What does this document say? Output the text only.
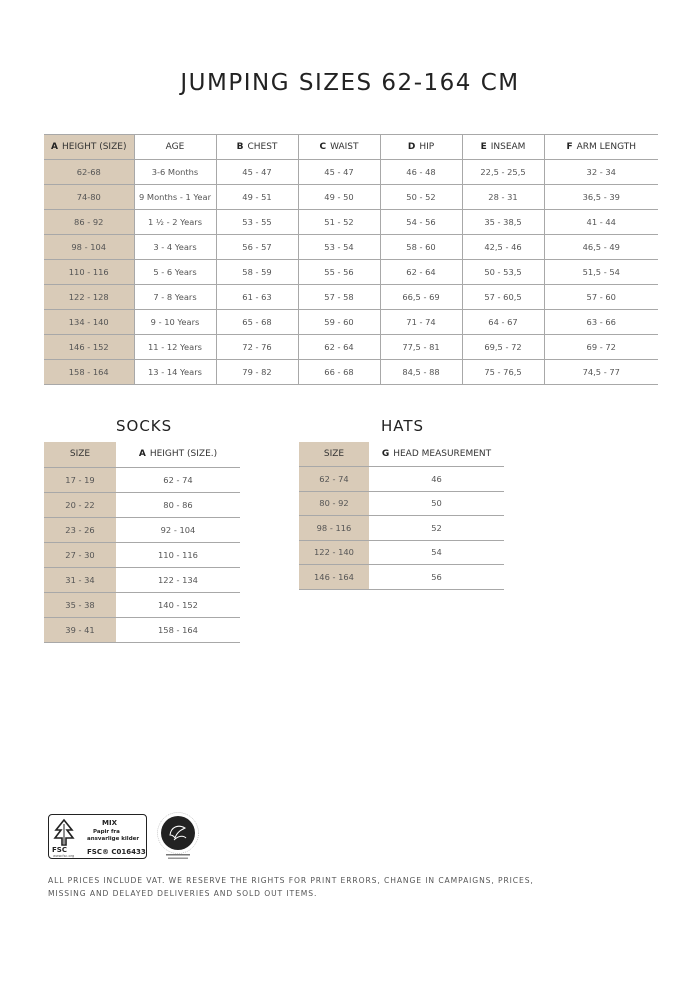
JUMPING SIZES 62-164 CM
A HEIGHT (SIZE)	AGE	B CHEST	C WAIST	D HIP	E INSEAM	F ARM LENGTH
62-68	3-6 Months	45 - 47	45 - 47	46 - 48	22,5 - 25,5	32 - 34
74-80	9 Months - 1 Year	49 - 51	49 - 50	50 - 52	28 - 31	36,5 - 39
86 - 92	1 ½ - 2 Years	53 - 55	51 - 52	54 - 56	35 - 38,5	41 - 44
98 - 104	3 - 4 Years	56 - 57	53 - 54	58 - 60	42,5 - 46	46,5 - 49
110 - 116	5 - 6 Years	58 - 59	55 - 56	62 - 64	50 - 53,5	51,5 - 54
122 - 128	7 - 8 Years	61 - 63	57 - 58	66,5 - 69	57 - 60,5	57 - 60
134 - 140	9 - 10 Years	65 - 68	59 - 60	71 - 74	64 - 67	63 - 66
146 - 152	11 - 12 Years	72 - 76	62 - 64	77,5 - 81	69,5 - 72	69 - 72
158 - 164	13 - 14 Years	79 - 82	66 - 68	84,5 - 88	75 - 76,5	74,5 - 77
SOCKS
SIZE	A HEIGHT (SIZE.)
17 - 19	62 - 74
20 - 22	80 - 86
23 - 26	92 - 104
27 - 30	110 - 116
31 - 34	122 - 134
35 - 38	140 - 152
39 - 41	158 - 164
HATS
SIZE	G HEAD MEASUREMENT
62 - 74	46
80 - 92	50
98 - 116	52
122 - 140	54
146 - 164	56
FSC
MIX
Papir fra
ansvarlige kilder
FSC® C016433
www.fsc.org
ALL PRICES INCLUDE VAT. WE RESERVE THE RIGHTS FOR PRINT ERRORS, CHANGE IN CAMPAIGNS, PRICES,
MISSING AND DELAYED DELIVERIES AND SOLD OUT ITEMS.
